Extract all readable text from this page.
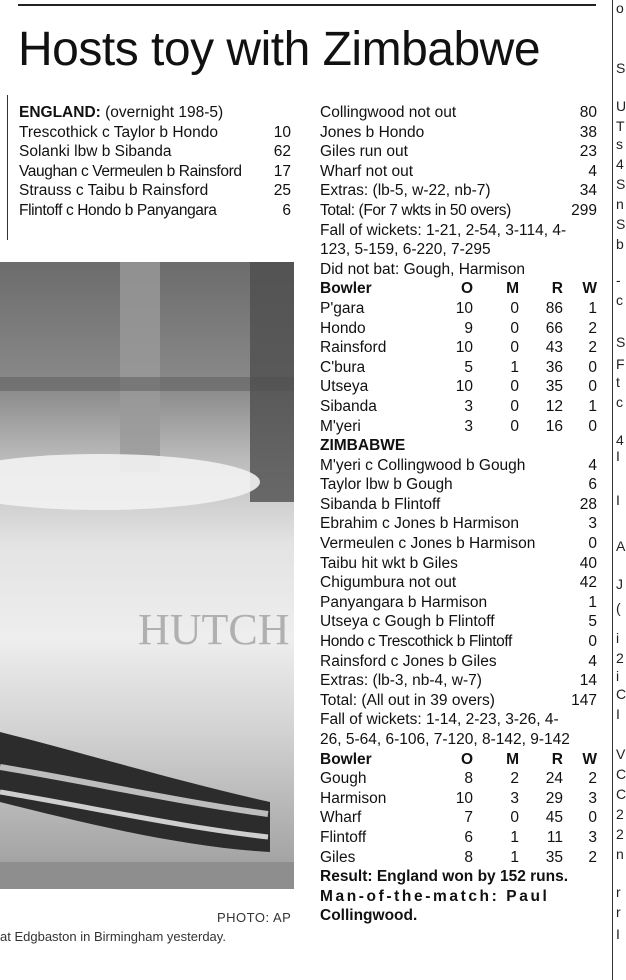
Hosts toy with Zimbabwe
ENGLAND: (overnight 198-5)
Trescothick c Taylor b Hondo	10
Solanki lbw b Sibanda	62
Vaughan c Vermeulen b Rainsford 17
Strauss c Taibu b Rainsford	25
Flintoff c Hondo b Panyangara	6
Collingwood not out	80
Jones b Hondo	38
Giles run out	23
Wharf not out	4
Extras: (lb-5, w-22, nb-7)	34
Total: (For 7 wkts in 50 overs)	299
Fall of wickets: 1-21, 2-54, 3-114, 4-
123, 5-159, 6-220, 7-295
Did not bat: Gough, Harmison
Bowler	O	M	R	W
P'gara	10	0	86	1
Hondo	9	0	66	2
Rainsford	10	0	43	2
C'bura	5	1	36	0
Utseya	10	0	35	0
Sibanda	3	0	12	1
M'yeri	3	0	16	0
ZIMBABWE
M'yeri c Collingwood b Gough	4
Taylor lbw b Gough	6
Sibanda b Flintoff	28
Ebrahim c Jones b Harmison	3
Vermeulen c Jones b Harmison	0
Taibu hit wkt b Giles	40
Chigumbura not out	42
Panyangara b Harmison	1
Utseya c Gough b Flintoff	5
Hondo c Trescothick b Flintoff	0
Rainsford c Jones b Giles	4
Extras: (lb-3, nb-4, w-7)	14
Total: (All out in 39 overs)	147
Fall of wickets: 1-14, 2-23, 3-26, 4-
26, 5-64, 6-106, 7-120, 8-142, 9-142
Bowler	O	M	R	W
Gough	8	2	24	2
Harmison	10	3	29	3
Wharf	7	0	45	0
Flintoff	6	1	11	3
Giles	8	1	35	2
Result: England won by 152 runs.
Man-of-the-match: Paul
Collingwood.
HUTCH
PHOTO: AP
at Edgbaston in Birmingham yesterday.
o
S
U
T
s
4
S
n
S
b
-
c
S
F
t
c
4
I
I
A
J
(
i
2
i
C
I
V
C
C
2
2
n
r
r
I
